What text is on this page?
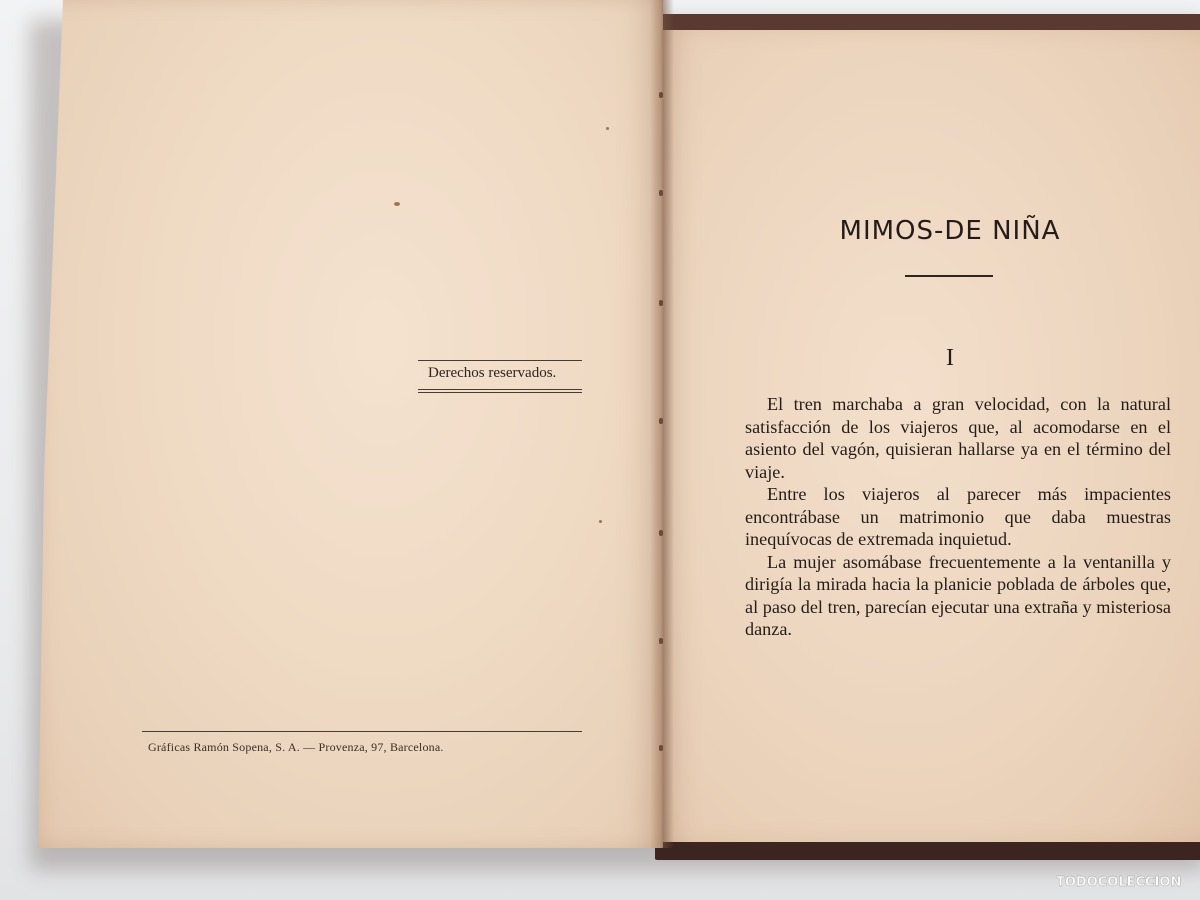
Derechos reservados.
Gráficas Ramón Sopena, S. A. — Provenza, 97, Barcelona.
MIMOS-DE NIÑA
I

El tren marchaba a gran velocidad, con la natural satisfacción de los viajeros que, al acomodarse en el asiento del vagón, quisieran hallarse ya en el término del viaje.

Entre los viajeros al parecer más impacientes encontrábase un matrimonio que daba muestras inequívocas de extremada inquietud.

La mujer asomábase frecuentemente a la ventanilla y dirigía la mirada hacia la planicie poblada de árboles que, al paso del tren, parecían ejecutar una extraña y misteriosa danza.

TODOCOLECCION
